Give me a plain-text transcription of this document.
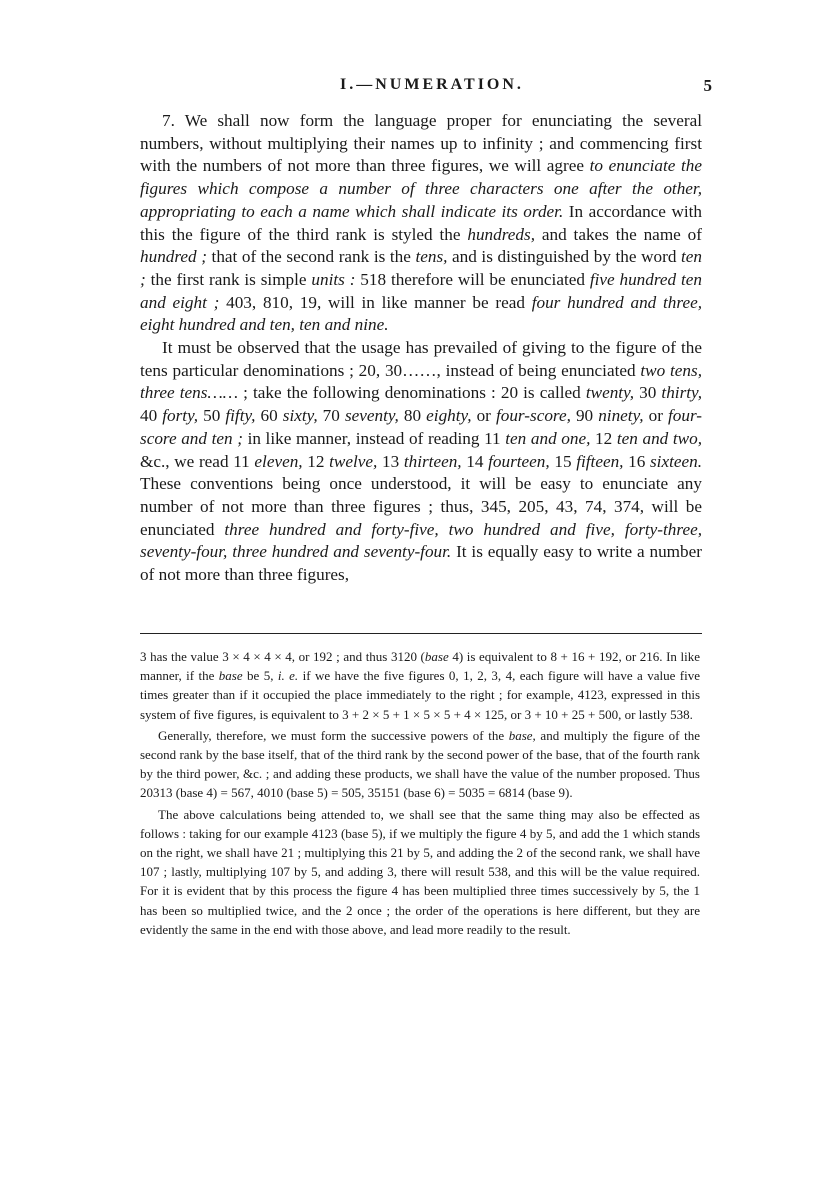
I.—NUMERATION.	5

7. We shall now form the language proper for enunciating the several numbers, without multiplying their names up to infinity ; and commencing first with the numbers of not more than three figures, we will agree to enunciate the figures which compose a number of three characters one after the other, appropriating to each a name which shall indicate its order. In accordance with this the figure of the third rank is styled the hundreds, and takes the name of hundred ; that of the second rank is the tens, and is distinguished by the word ten ; the first rank is simple units : 518 therefore will be enunciated five hundred ten and eight ; 403, 810, 19, will in like manner be read four hundred and three, eight hundred and ten, ten and nine.

It must be observed that the usage has prevailed of giving to the figure of the tens particular denominations ; 20, 30……, instead of being enunciated two tens, three tens…… ; take the following denominations : 20 is called twenty, 30 thirty, 40 forty, 50 fifty, 60 sixty, 70 seventy, 80 eighty, or four-score, 90 ninety, or four-score and ten ; in like manner, instead of reading 11 ten and one, 12 ten and two, &c., we read 11 eleven, 12 twelve, 13 thirteen, 14 fourteen, 15 fifteen, 16 sixteen. These conventions being once understood, it will be easy to enunciate any number of not more than three figures ; thus, 345, 205, 43, 74, 374, will be enunciated three hundred and forty-five, two hundred and five, forty-three, seventy-four, three hundred and seventy-four. It is equally easy to write a number of not more than three figures,

3 has the value 3 × 4 × 4 × 4, or 192 ; and thus 3120 (base 4) is equivalent to 8 + 16 + 192, or 216. In like manner, if the base be 5, i. e. if we have the five figures 0, 1, 2, 3, 4, each figure will have a value five times greater than if it occupied the place immediately to the right ; for example, 4123, expressed in this system of five figures, is equivalent to 3 + 2 × 5 + 1 × 5 × 5 + 4 × 125, or 3 + 10 + 25 + 500, or lastly 538.

Generally, therefore, we must form the successive powers of the base, and multiply the figure of the second rank by the base itself, that of the third rank by the second power of the base, that of the fourth rank by the third power, &c. ; and adding these products, we shall have the value of the number proposed. Thus 20313 (base 4) = 567, 4010 (base 5) = 505, 35151 (base 6) = 5035 = 6814 (base 9).

The above calculations being attended to, we shall see that the same thing may also be effected as follows : taking for our example 4123 (base 5), if we multiply the figure 4 by 5, and add the 1 which stands on the right, we shall have 21 ; multiplying this 21 by 5, and adding the 2 of the second rank, we shall have 107 ; lastly, multiplying 107 by 5, and adding 3, there will result 538, and this will be the value required. For it is evident that by this process the figure 4 has been multiplied three times successively by 5, the 1 has been so multiplied twice, and the 2 once ; the order of the operations is here different, but they are evidently the same in the end with those above, and lead more readily to the result.
